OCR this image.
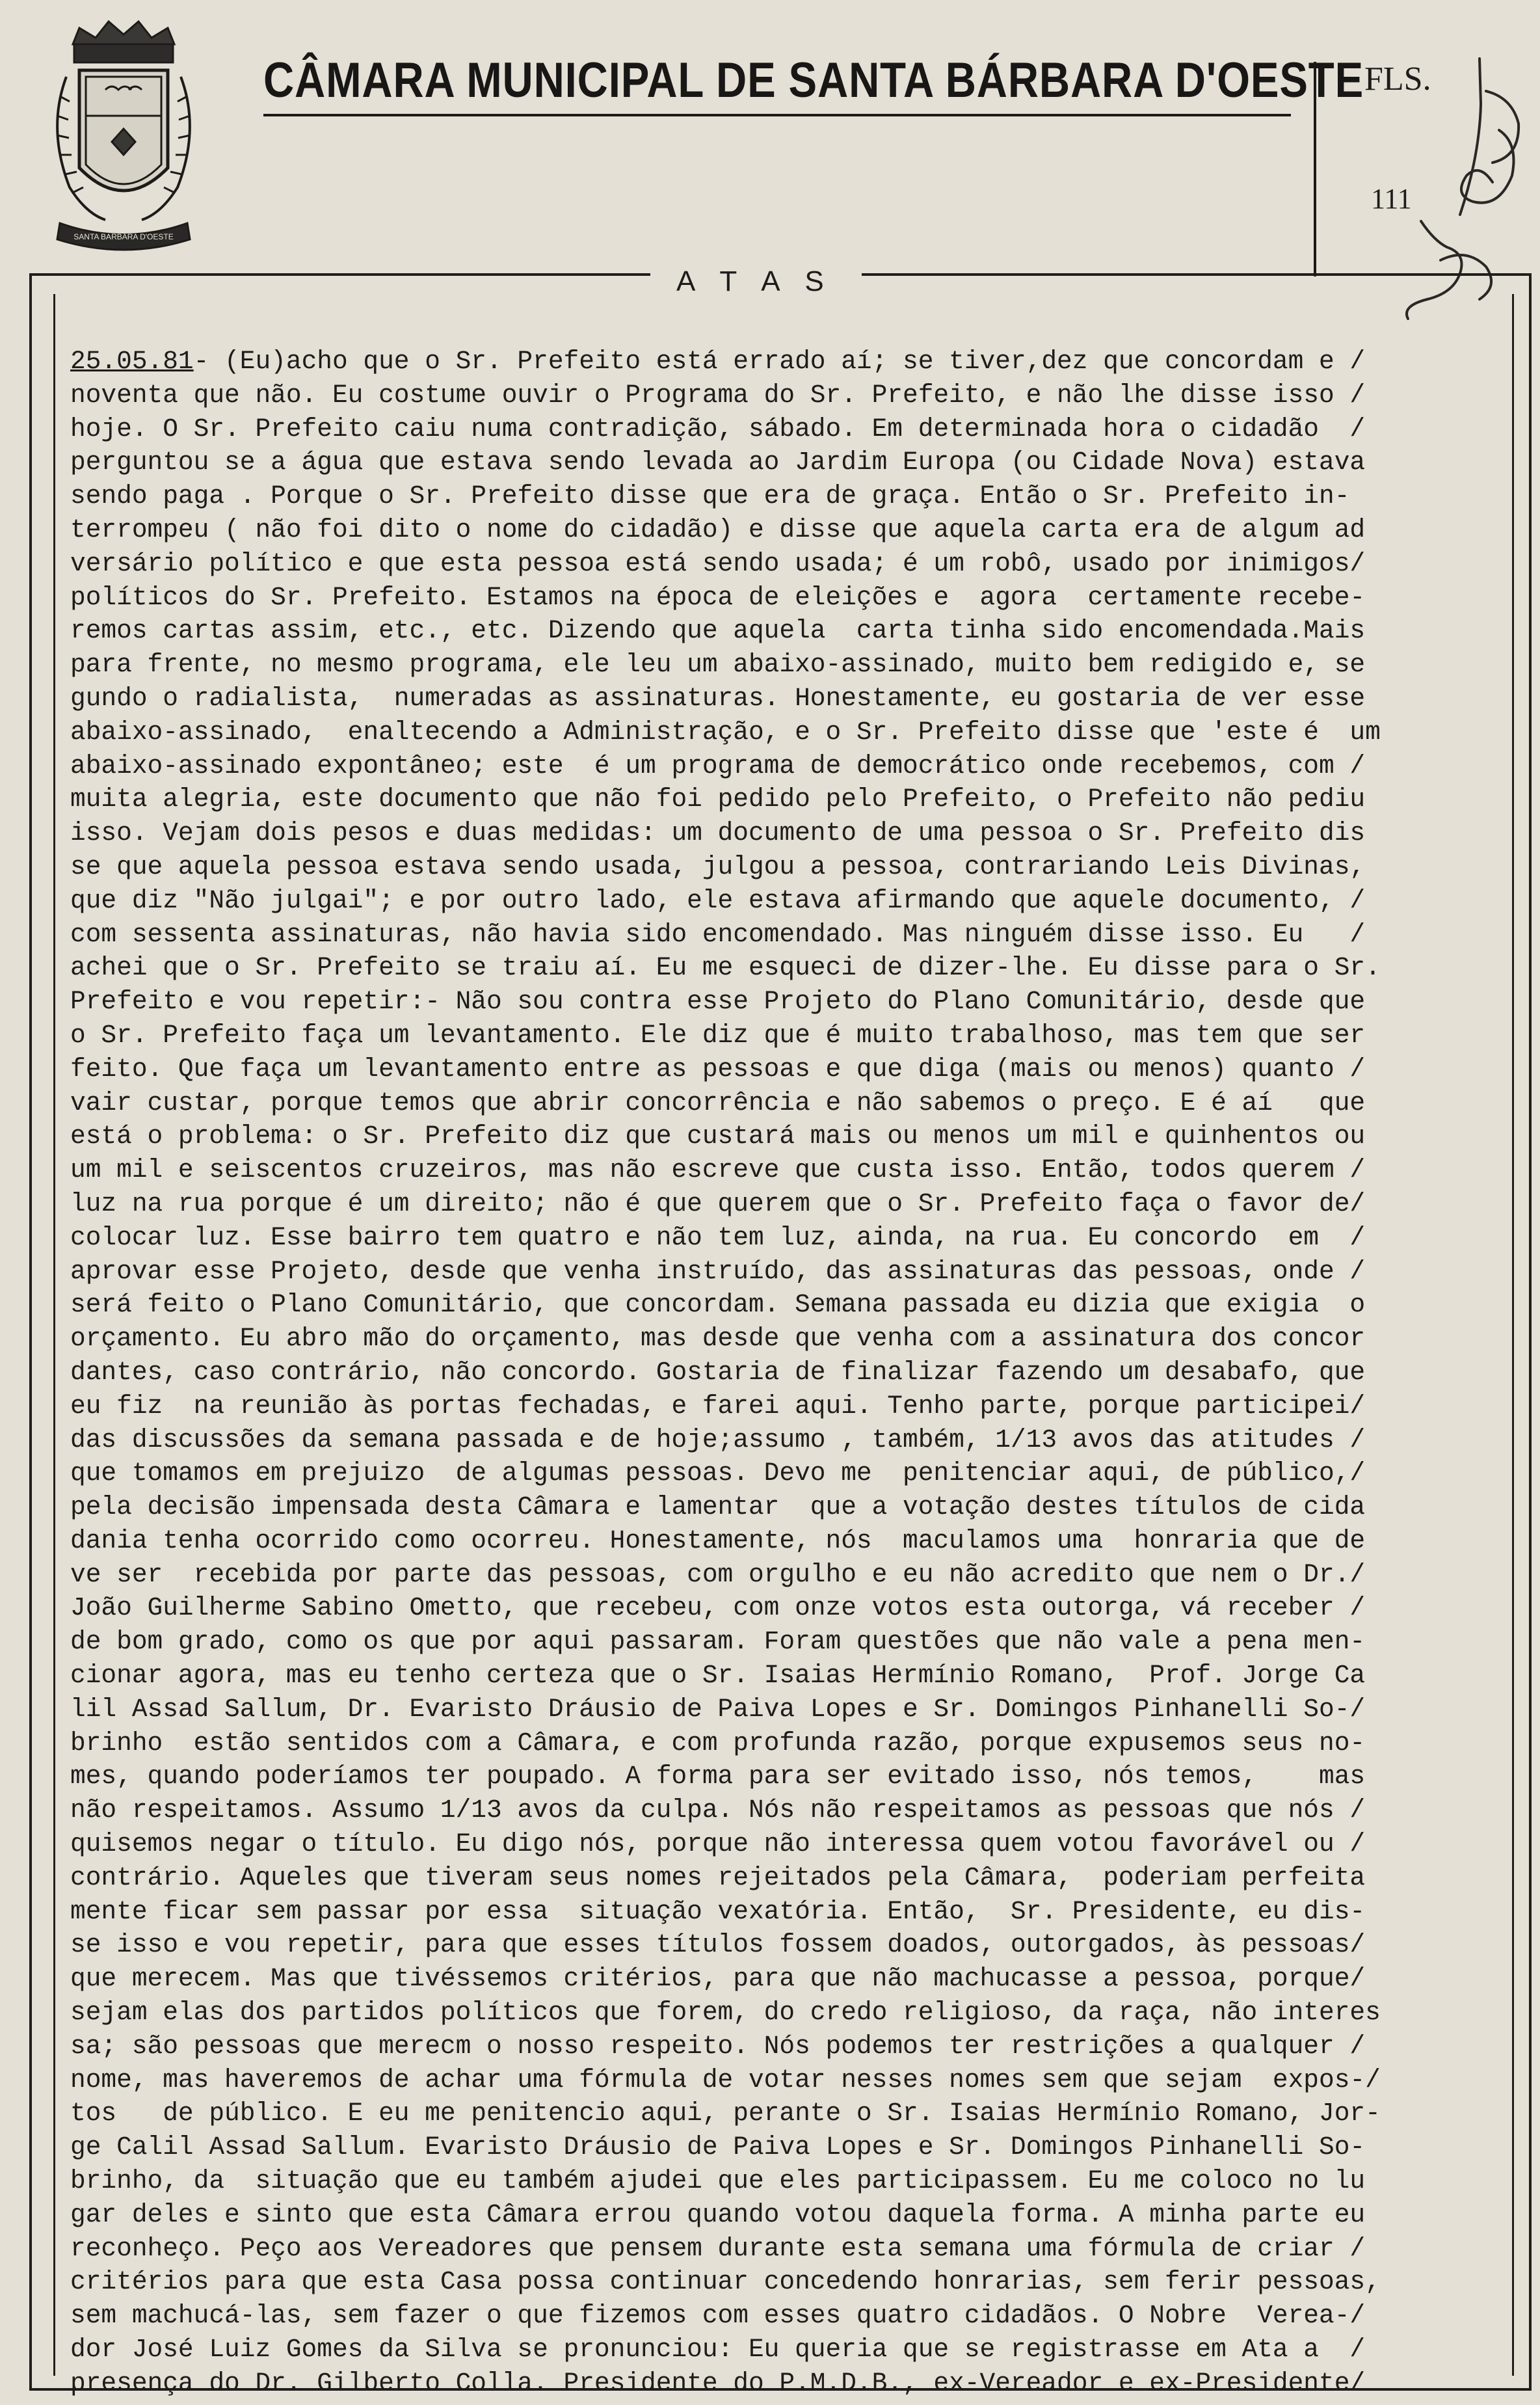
SANTA BARBARA D'OESTE
CÂMARA MUNICIPAL DE SANTA BÁRBARA D'OESTE FLS.
111
A T A S
25.05.81- (Eu)acho que o Sr. Prefeito está errado aí; se tiver,dez que concordam e /
noventa que não. Eu costume ouvir o Programa do Sr. Prefeito, e não lhe disse isso /
hoje. O Sr. Prefeito caiu numa contradição, sábado. Em determinada hora o cidadão  /
perguntou se a água que estava sendo levada ao Jardim Europa (ou Cidade Nova) estava
sendo paga . Porque o Sr. Prefeito disse que era de graça. Então o Sr. Prefeito in-
terrompeu ( não foi dito o nome do cidadão) e disse que aquela carta era de algum ad
versário político e que esta pessoa está sendo usada; é um robô, usado por inimigos/
políticos do Sr. Prefeito. Estamos na época de eleições e  agora  certamente recebe-
remos cartas assim, etc., etc. Dizendo que aquela  carta tinha sido encomendada.Mais
para frente, no mesmo programa, ele leu um abaixo-assinado, muito bem redigido e, se
gundo o radialista,  numeradas as assinaturas. Honestamente, eu gostaria de ver esse
abaixo-assinado,  enaltecendo a Administração, e o Sr. Prefeito disse que 'este é  um
abaixo-assinado expontâneo; este  é um programa de democrático onde recebemos, com /
muita alegria, este documento que não foi pedido pelo Prefeito, o Prefeito não pediu
isso. Vejam dois pesos e duas medidas: um documento de uma pessoa o Sr. Prefeito dis
se que aquela pessoa estava sendo usada, julgou a pessoa, contrariando Leis Divinas,
que diz "Não julgai"; e por outro lado, ele estava afirmando que aquele documento, /
com sessenta assinaturas, não havia sido encomendado. Mas ninguém disse isso. Eu   /
achei que o Sr. Prefeito se traiu aí. Eu me esqueci de dizer-lhe. Eu disse para o Sr.
Prefeito e vou repetir:- Não sou contra esse Projeto do Plano Comunitário, desde que
o Sr. Prefeito faça um levantamento. Ele diz que é muito trabalhoso, mas tem que ser
feito. Que faça um levantamento entre as pessoas e que diga (mais ou menos) quanto /
vair custar, porque temos que abrir concorrência e não sabemos o preço. E é aí   que
está o problema: o Sr. Prefeito diz que custará mais ou menos um mil e quinhentos ou
um mil e seiscentos cruzeiros, mas não escreve que custa isso. Então, todos querem /
luz na rua porque é um direito; não é que querem que o Sr. Prefeito faça o favor de/
colocar luz. Esse bairro tem quatro e não tem luz, ainda, na rua. Eu concordo  em  /
aprovar esse Projeto, desde que venha instruído, das assinaturas das pessoas, onde /
será feito o Plano Comunitário, que concordam. Semana passada eu dizia que exigia  o
orçamento. Eu abro mão do orçamento, mas desde que venha com a assinatura dos concor
dantes, caso contrário, não concordo. Gostaria de finalizar fazendo um desabafo, que
eu fiz  na reunião às portas fechadas, e farei aqui. Tenho parte, porque participei/
das discussões da semana passada e de hoje;assumo , também, 1/13 avos das atitudes /
que tomamos em prejuizo  de algumas pessoas. Devo me  penitenciar aqui, de público,/
pela decisão impensada desta Câmara e lamentar  que a votação destes títulos de cida
dania tenha ocorrido como ocorreu. Honestamente, nós  maculamos uma  honraria que de
ve ser  recebida por parte das pessoas, com orgulho e eu não acredito que nem o Dr./
João Guilherme Sabino Ometto, que recebeu, com onze votos esta outorga, vá receber /
de bom grado, como os que por aqui passaram. Foram questões que não vale a pena men-
cionar agora, mas eu tenho certeza que o Sr. Isaias Hermínio Romano,  Prof. Jorge Ca
lil Assad Sallum, Dr. Evaristo Dráusio de Paiva Lopes e Sr. Domingos Pinhanelli So-/
brinho  estão sentidos com a Câmara, e com profunda razão, porque expusemos seus no-
mes, quando poderíamos ter poupado. A forma para ser evitado isso, nós temos,    mas
não respeitamos. Assumo 1/13 avos da culpa. Nós não respeitamos as pessoas que nós /
quisemos negar o título. Eu digo nós, porque não interessa quem votou favorável ou /
contrário. Aqueles que tiveram seus nomes rejeitados pela Câmara,  poderiam perfeita
mente ficar sem passar por essa  situação vexatória. Então,  Sr. Presidente, eu dis-
se isso e vou repetir, para que esses títulos fossem doados, outorgados, às pessoas/
que merecem. Mas que tivéssemos critérios, para que não machucasse a pessoa, porque/
sejam elas dos partidos políticos que forem, do credo religioso, da raça, não interes
sa; são pessoas que merecm o nosso respeito. Nós podemos ter restrições a qualquer /
nome, mas haveremos de achar uma fórmula de votar nesses nomes sem que sejam  expos-/
tos   de público. E eu me penitencio aqui, perante o Sr. Isaias Hermínio Romano, Jor-
ge Calil Assad Sallum. Evaristo Dráusio de Paiva Lopes e Sr. Domingos Pinhanelli So-
brinho, da  situação que eu também ajudei que eles participassem. Eu me coloco no lu
gar deles e sinto que esta Câmara errou quando votou daquela forma. A minha parte eu
reconheço. Peço aos Vereadores que pensem durante esta semana uma fórmula de criar /
critérios para que esta Casa possa continuar concedendo honrarias, sem ferir pessoas,
sem machucá-las, sem fazer o que fizemos com esses quatro cidadãos. O Nobre  Verea-/
dor José Luiz Gomes da Silva se pronunciou: Eu queria que se registrasse em Ata a  /
presença do Dr. Gilberto Colla. Presidente do P.M.D.B., ex-Vereador e ex-Presidente/
